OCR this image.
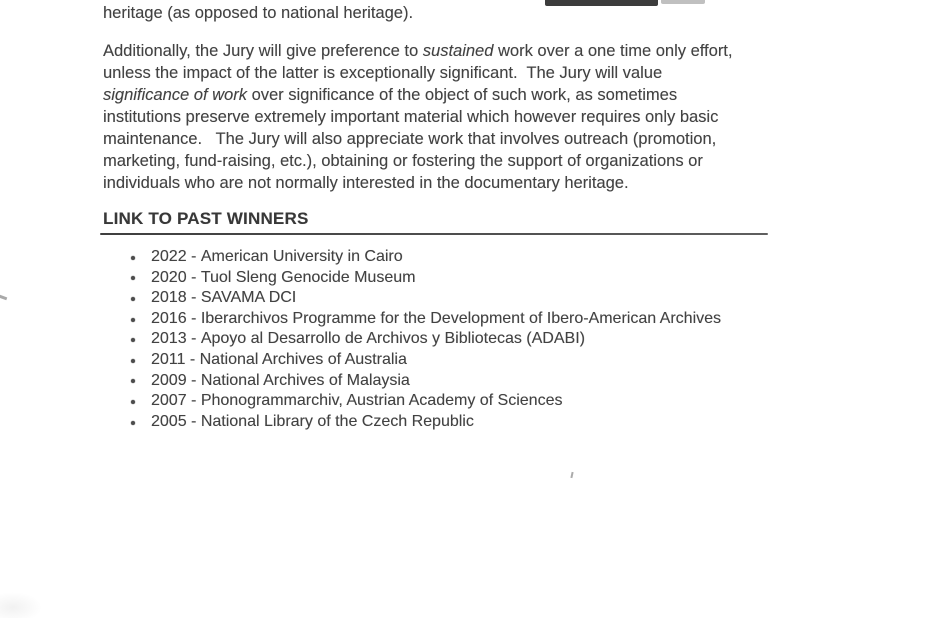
heritage (as opposed to national heritage).
Additionally, the Jury will give preference to sustained work over a one time only effort,
unless the impact of the latter is exceptionally significant.  The Jury will value
significance of work over significance of the object of such work, as sometimes
institutions preserve extremely important material which however requires only basic
maintenance.   The Jury will also appreciate work that involves outreach (promotion,
marketing, fund-raising, etc.), obtaining or fostering the support of organizations or
individuals who are not normally interested in the documentary heritage.
LINK TO PAST WINNERS
2022 - American University in Cairo
2020 - Tuol Sleng Genocide Museum
2018 - SAVAMA DCI
2016 - Iberarchivos Programme for the Development of Ibero-American Archives
2013 - Apoyo al Desarrollo de Archivos y Bibliotecas (ADABI)
2011 - National Archives of Australia
2009 - National Archives of Malaysia
2007 - Phonogrammarchiv, Austrian Academy of Sciences
2005 - National Library of the Czech Republic
